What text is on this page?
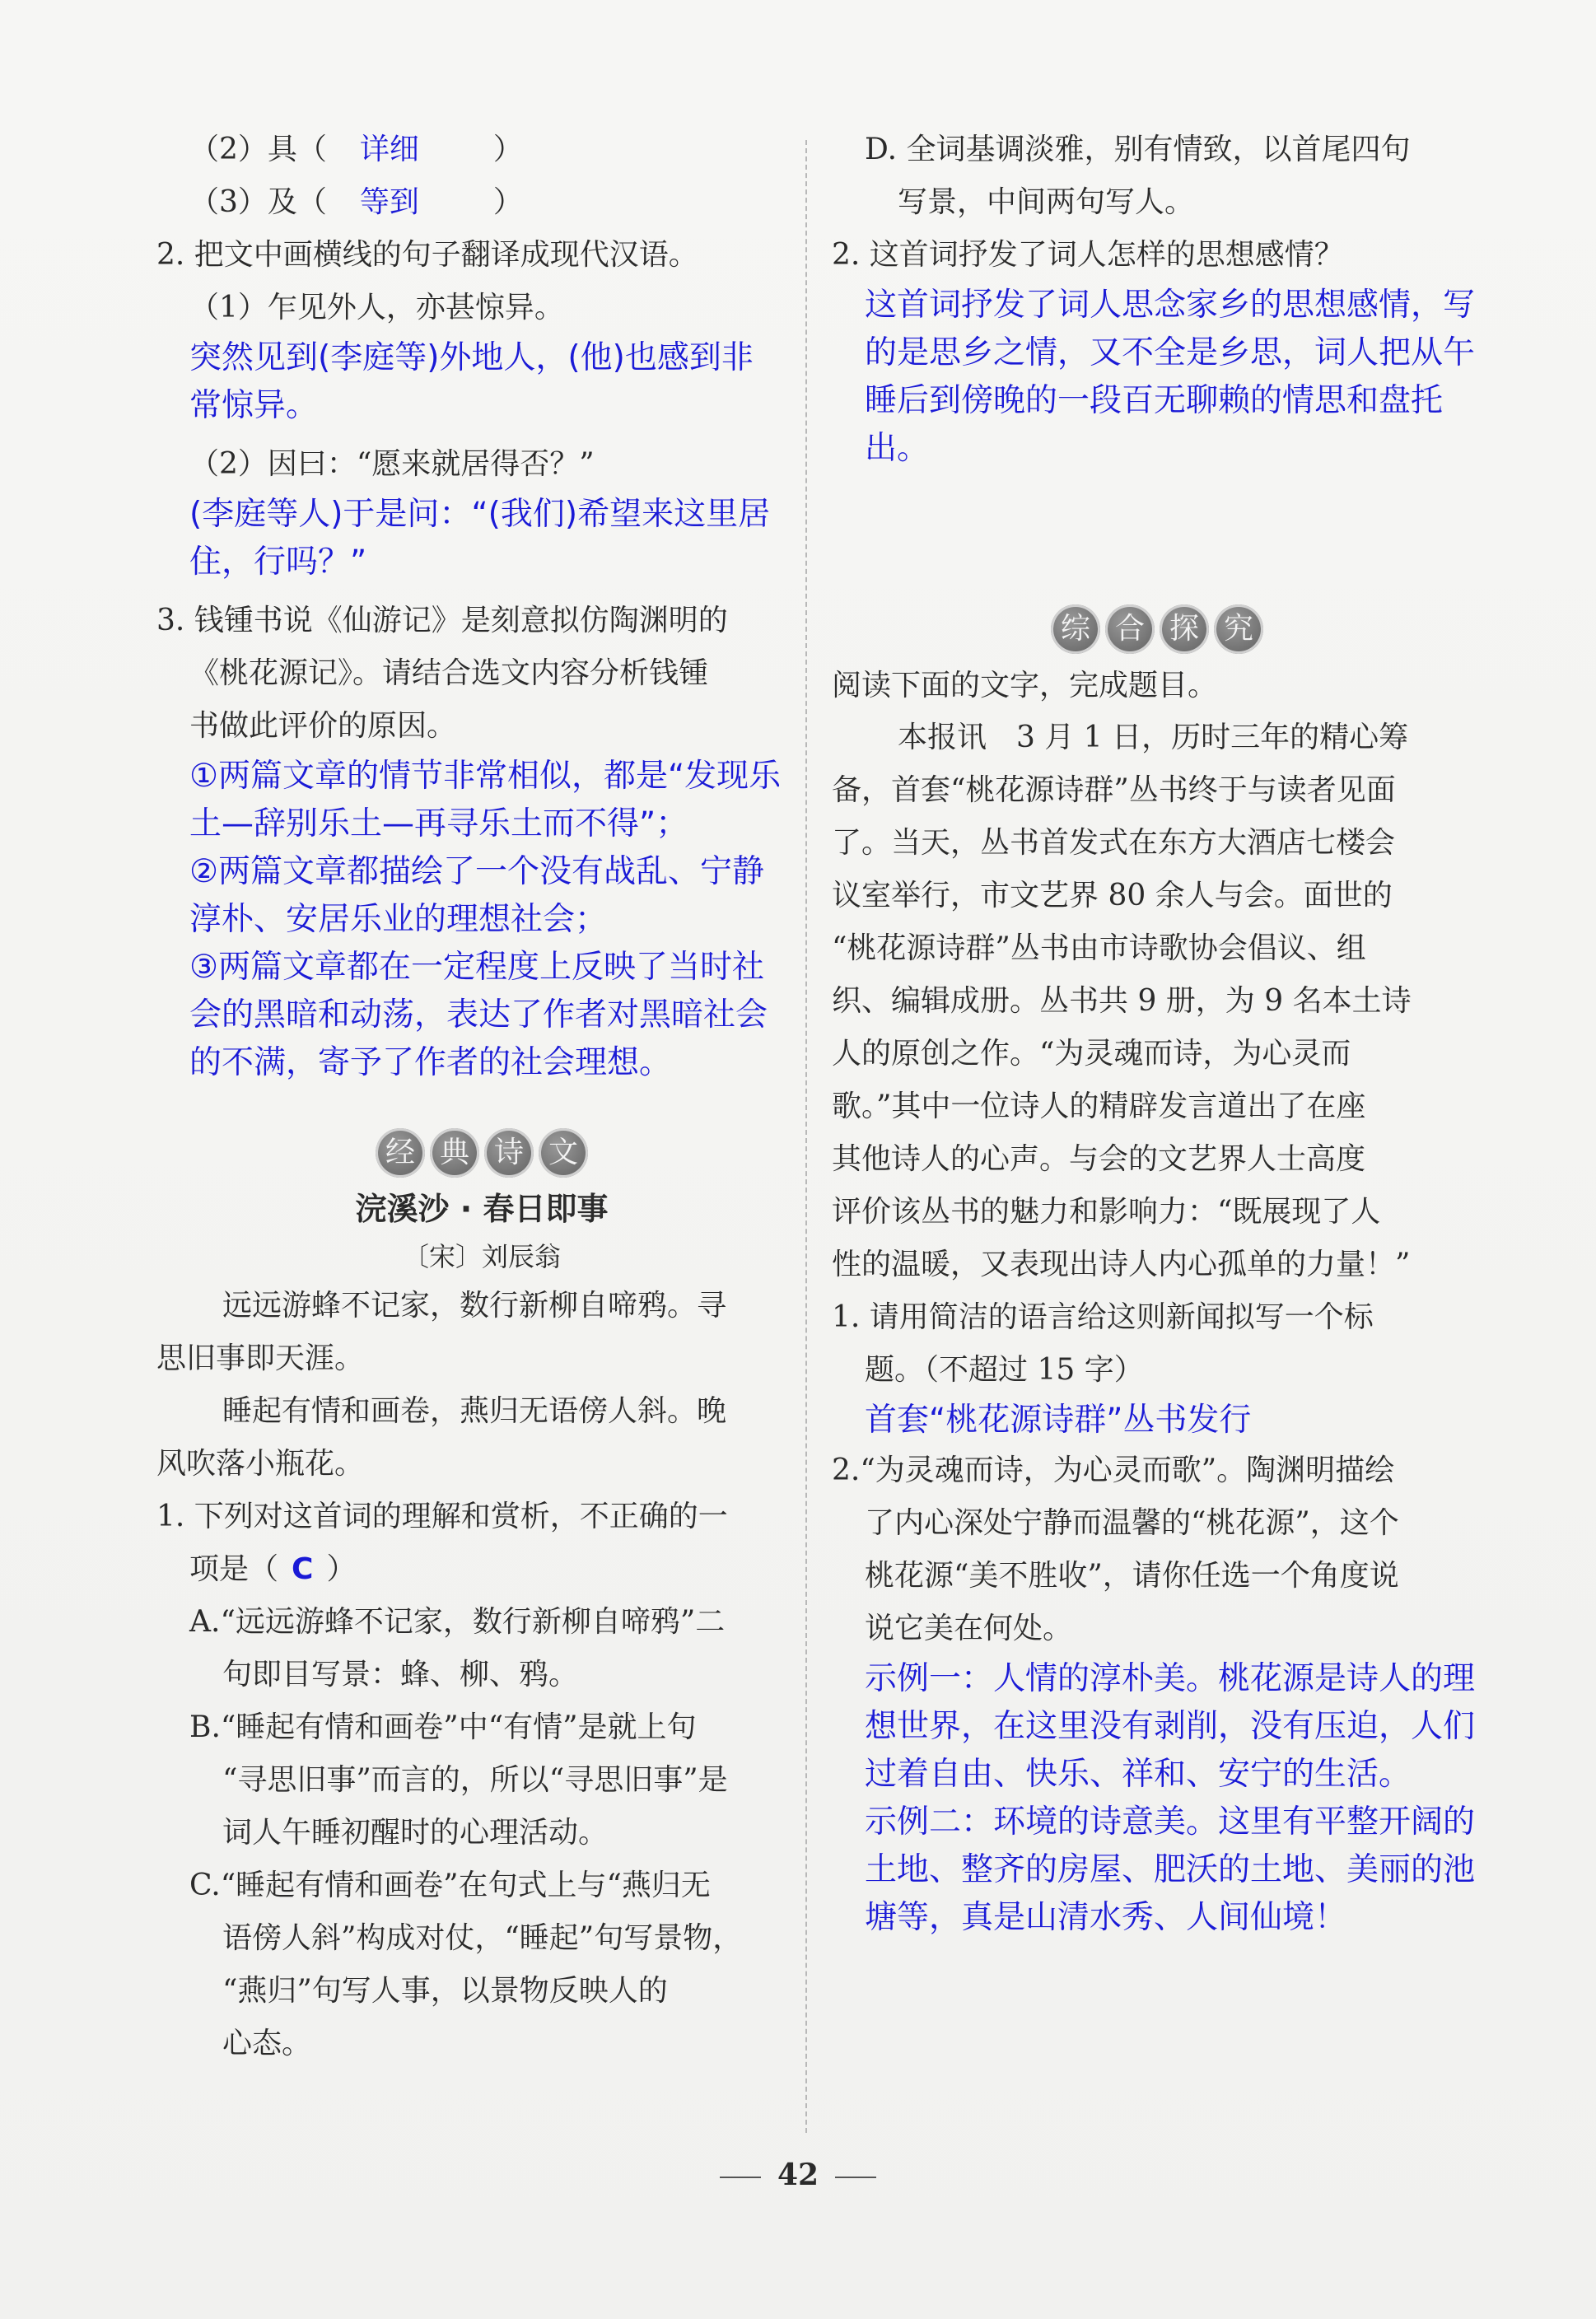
（2）具（ 详细	）
（3）及（ 等到	）
2. 把文中画横线的句子翻译成现代汉语。
（1）乍见外人，亦甚惊异。
突然见到(李庭等)外地人，(他)也感到非
常惊异。
（2）因曰：“愿来就居得否？”
(李庭等人)于是问：“(我们)希望来这里居
住，行吗？”
3. 钱锺书说《仙游记》是刻意拟仿陶渊明的
《桃花源记》。请结合选文内容分析钱锺
书做此评价的原因。
①两篇文章的情节非常相似，都是“发现乐
土—辞别乐土—再寻乐土而不得”；
②两篇文章都描绘了一个没有战乱、宁静
淳朴、安居乐业的理想社会；
③两篇文章都在一定程度上反映了当时社
会的黑暗和动荡，表达了作者对黑暗社会
的不满，寄予了作者的社会理想。
经 典 诗 文
浣溪沙 · 春日即事
〔宋〕刘辰翁
远远游蜂不记家，数行新柳自啼鸦。寻
思旧事即天涯。
睡起有情和画卷，燕归无语傍人斜。晚
风吹落小瓶花。
1. 下列对这首词的理解和赏析，不正确的一
项是（ C ）
A.“远远游蜂不记家，数行新柳自啼鸦”二
句即目写景：蜂、柳、鸦。
B.“睡起有情和画卷”中“有情”是就上句
“寻思旧事”而言的，所以“寻思旧事”是
词人午睡初醒时的心理活动。
C.“睡起有情和画卷”在句式上与“燕归无
语傍人斜”构成对仗，“睡起”句写景物，
“燕归”句写人事，以景物反映人的
心态。
D. 全词基调淡雅，别有情致，以首尾四句
写景，中间两句写人。
2. 这首词抒发了词人怎样的思想感情？
这首词抒发了词人思念家乡的思想感情，写
的是思乡之情，又不全是乡思，词人把从午
睡后到傍晚的一段百无聊赖的情思和盘托出。
综 合 探 究
阅读下面的文字，完成题目。
本报讯　3 月 1 日，历时三年的精心筹
备，首套“桃花源诗群”丛书终于与读者见面
了。当天，丛书首发式在东方大酒店七楼会
议室举行，市文艺界 80 余人与会。面世的
“桃花源诗群”丛书由市诗歌协会倡议、组
织、编辑成册。丛书共 9 册，为 9 名本土诗
人的原创之作。“为灵魂而诗，为心灵而
歌。”其中一位诗人的精辟发言道出了在座
其他诗人的心声。与会的文艺界人士高度
评价该丛书的魅力和影响力：“既展现了人
性的温暖，又表现出诗人内心孤单的力量！”
1. 请用简洁的语言给这则新闻拟写一个标
题。（不超过 15 字）
首套“桃花源诗群”丛书发行
2.“为灵魂而诗，为心灵而歌”。陶渊明描绘
了内心深处宁静而温馨的“桃花源”，这个
桃花源“美不胜收”，请你任选一个角度说
说它美在何处。
示例一：人情的淳朴美。桃花源是诗人的理
想世界，在这里没有剥削，没有压迫，人们
过着自由、快乐、祥和、安宁的生活。
示例二：环境的诗意美。这里有平整开阔的
土地、整齐的房屋、肥沃的土地、美丽的池
塘等，真是山清水秀、人间仙境！
42
